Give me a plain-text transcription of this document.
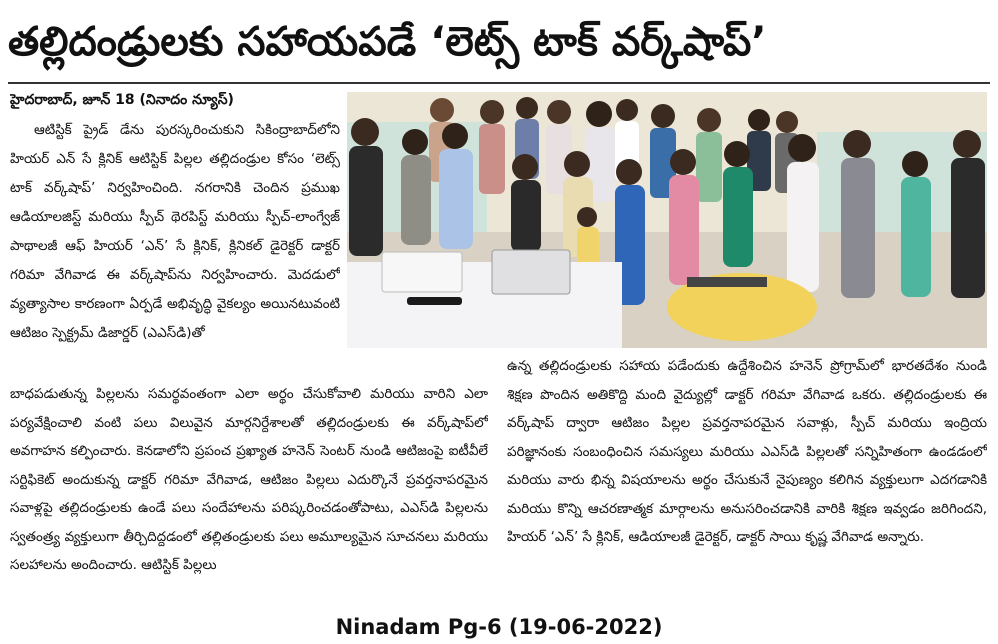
తల్లిదండ్రులకు సహాయపడే ‘లెట్స్ టాక్ వర్క్‌షాప్’
హైదరాబాద్, జూన్ 18 (నినాదం న్యూస్)
ఆటిస్టిక్ ప్రైడ్ డేను పురస్కరించుకుని సికింద్రాబాద్‌లోని హియర్ ఎన్ సే క్లినిక్ ఆటిస్టిక్ పిల్లల తల్లిదండ్రుల కోసం ‘లెట్స్ టాక్ వర్క్‌షాప్’ నిర్వహించింది. నగరానికి చెందిన ప్రముఖ ఆడియాలజిస్ట్ మరియు స్పీచ్ థెరపిస్ట్ మరియు స్పీచ్-లాంగ్వేజ్ పాథాలజీ ఆఫ్ హియర్ ‘ఎన్’ సే క్లినిక్, క్లినికల్ డైరెక్టర్ డాక్టర్ గరిమా వేగివాడ ఈ వర్క్‌షాప్‌ను నిర్వహించారు. మెదడులో వ్యత్యాసాల కారణంగా ఏర్పడే అభివృద్ధి వైకల్యం అయినటువంటి ఆటిజం స్పెక్ట్రమ్ డిజార్డర్ (ఎఎస్‌డి)తో
బాధపడుతున్న పిల్లలను సమర్థవంతంగా ఎలా అర్థం చేసుకోవాలి మరియు వారిని ఎలా పర్యవేక్షించాలి వంటి పలు విలువైన మార్గనిర్దేశాలతో తల్లిదండ్రులకు ఈ వర్క్‌షాప్‌లో అవగాహన కల్పించారు. కెనడాలోని ప్రపంచ ప్రఖ్యాత హనెన్ సెంటర్ నుండి ఆటిజంపై ఐటీవీలే సర్టిఫికెట్ అందుకున్న డాక్టర్ గరిమా వేగివాడ, ఆటిజం పిల్లలు ఎదుర్కొనే ప్రవర్తనాపరమైన సవాళ్లపై తల్లిదండ్రులకు ఉండే పలు సందేహాలను పరిష్కరించడంతోపాటు, ఎఎస్‌డి పిల్లలను స్వతంత్ర్య వ్యక్తులుగా తీర్చిదిద్దడంలో తల్లితండ్రులకు పలు అమూల్యమైన సూచనలు మరియు సలహాలను అందించారు. ఆటిస్టిక్ పిల్లలు
ఉన్న తల్లిదండ్రులకు సహాయ పడేందుకు ఉద్దేశించిన హనెన్ ప్రోగ్రామ్‌లో భారతదేశం నుండి శిక్షణ పొందిన అతికొద్ది మంది వైద్యుల్లో డాక్టర్ గరిమా వేగివాడ ఒకరు. తల్లిదండ్రులకు ఈ వర్క్‌షాప్ ద్వారా ఆటిజం పిల్లల ప్రవర్తనాపరమైన సవాళ్లు, స్పీచ్ మరియు ఇంద్రియ పరిజ్ఞానంకు సంబంధించిన సమస్యలు మరియు ఎఎస్‌డి పిల్లలతో సన్నిహితంగా ఉండడంలో మరియు వారు భిన్న విషయాలను అర్థం చేసుకునే నైపుణ్యం కలిగిన వ్యక్తులుగా ఎదగడానికి మరియు కొన్ని ఆచరణాత్మక మార్గాలను అనుసరించడానికి వారికి శిక్షణ ఇవ్వడం జరిగిందని, హియర్ ‘ఎన్’ సే క్లినిక్, ఆడియాలజీ డైరెక్టర్, డాక్టర్ సాయి కృష్ణ వేగివాడ అన్నారు.
Ninadam Pg-6 (19-06-2022)
